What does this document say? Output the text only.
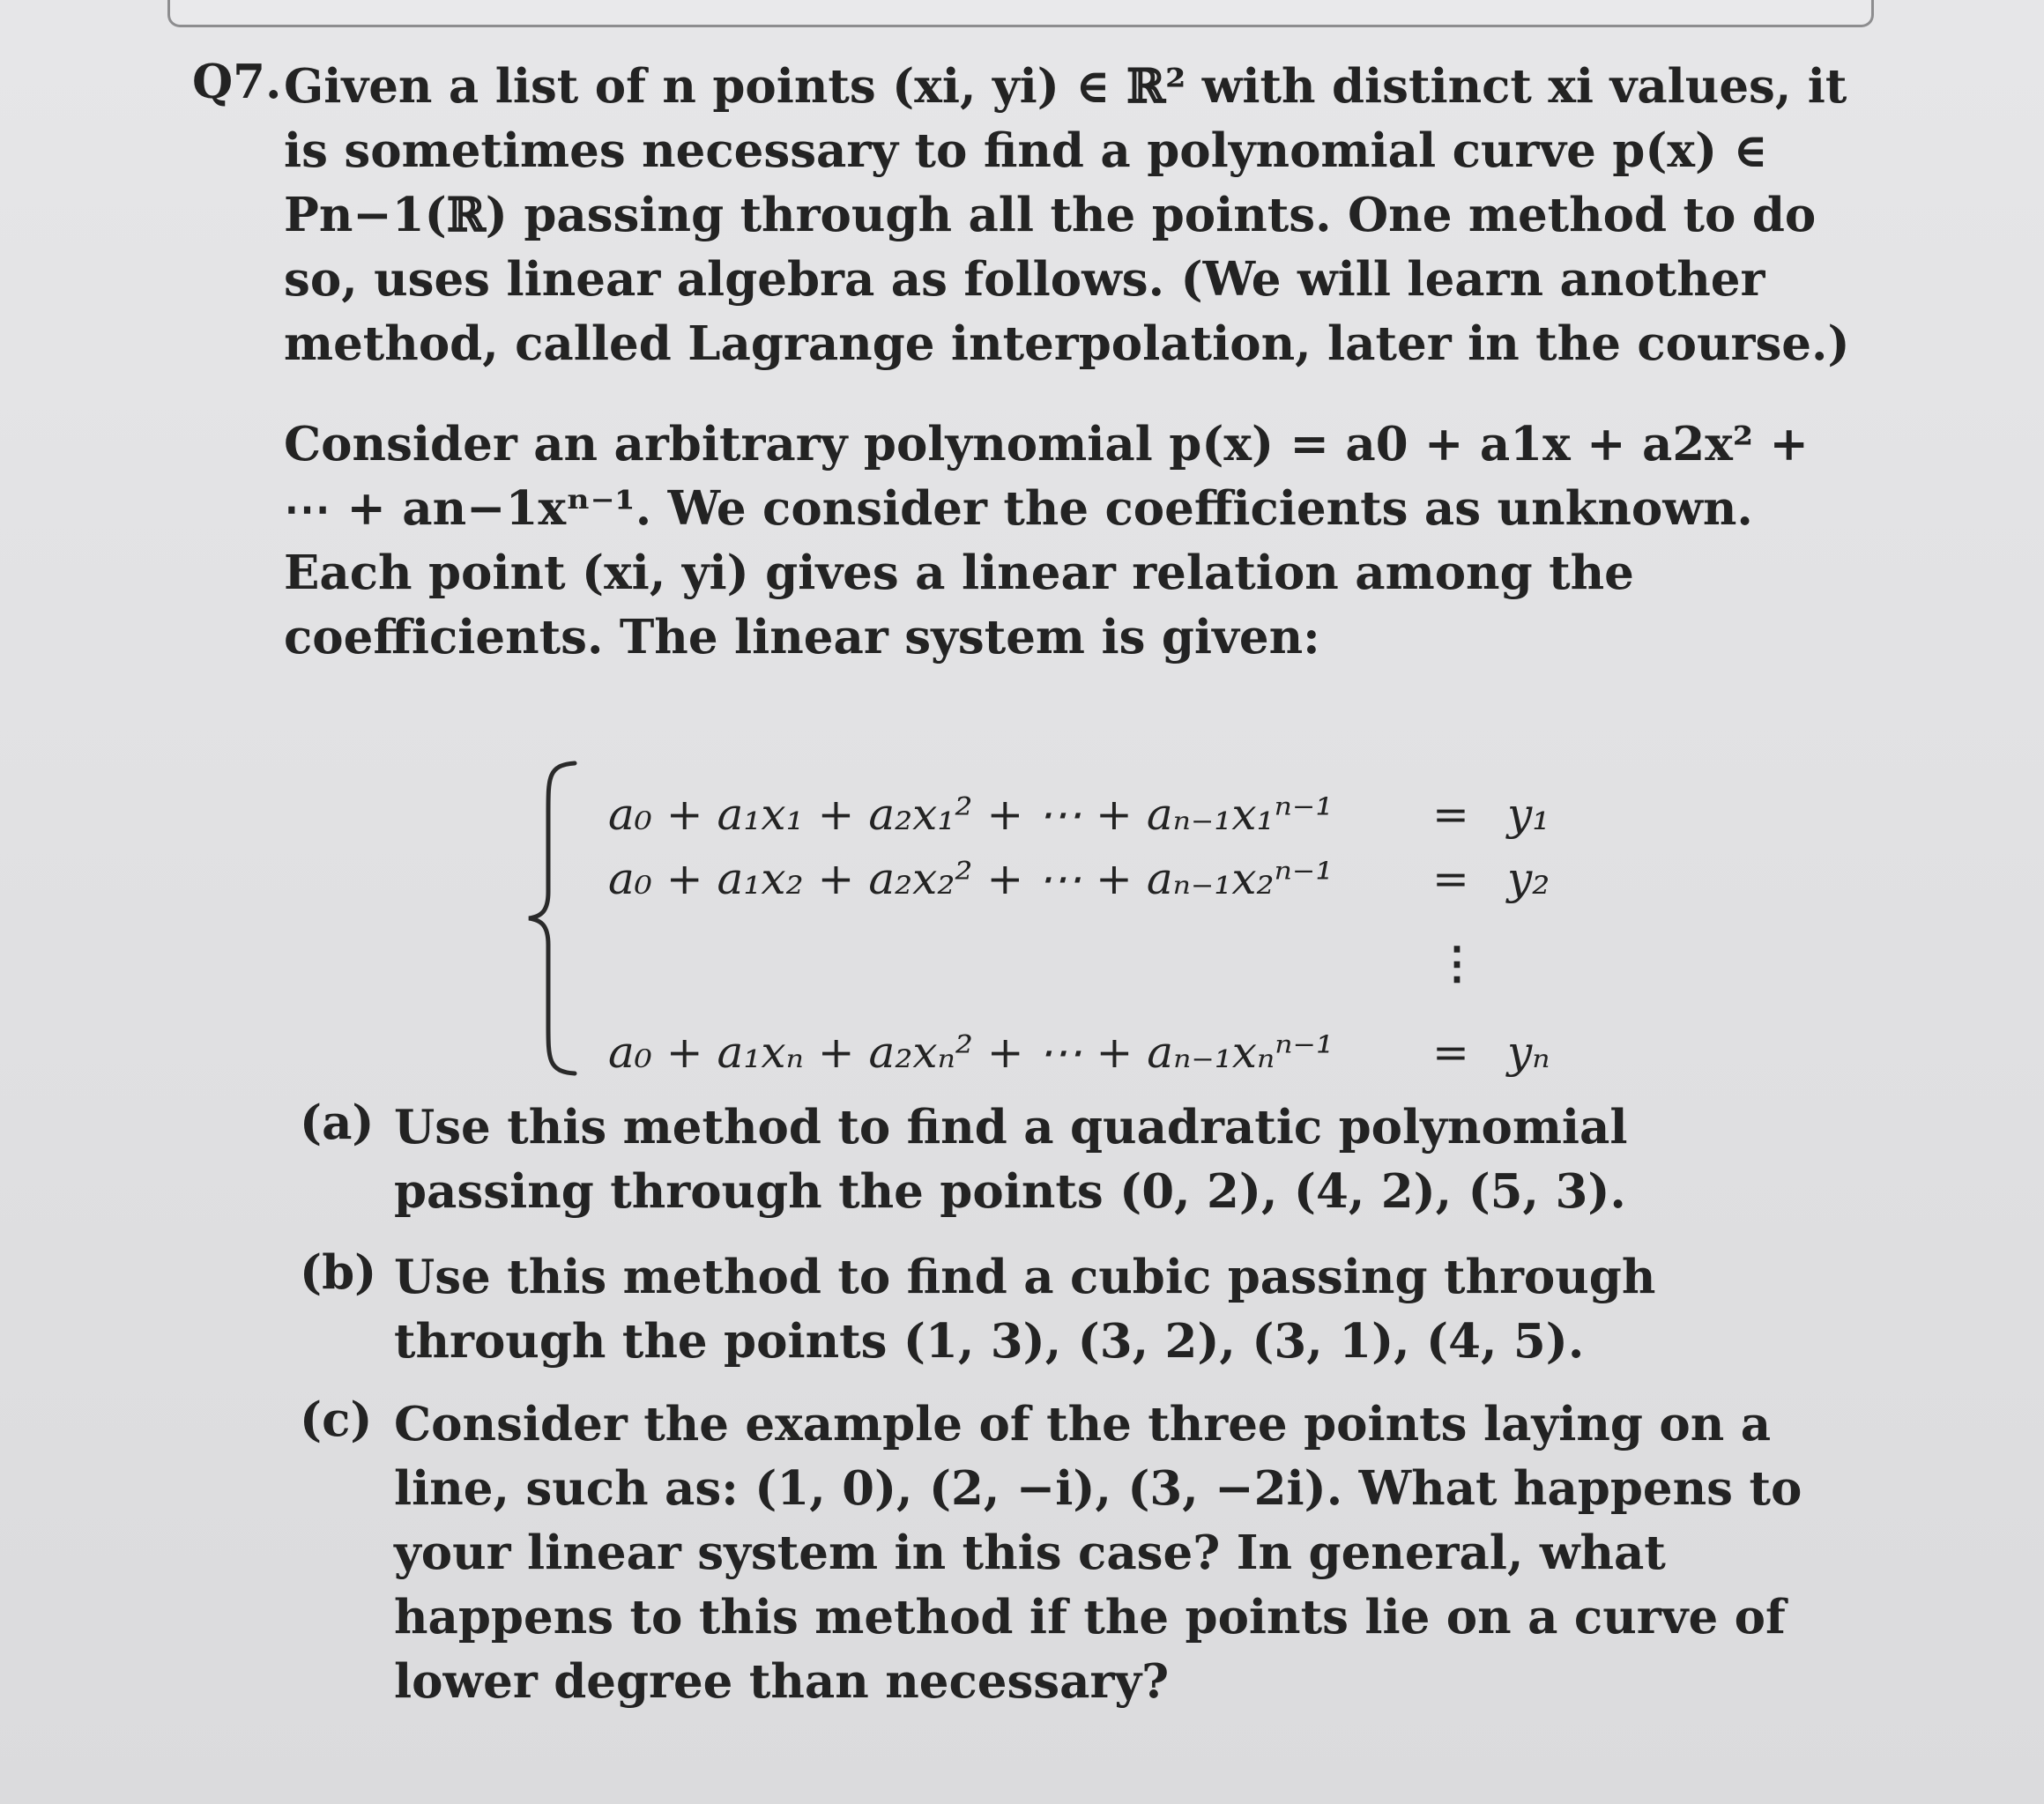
Q7. Given a list of n points (xi, yi) ∈ ℝ² with distinct xi values, it is sometimes necessary to find a polynomial curve p(x) ∈ Pn−1(ℝ) passing through all the points. One method to do so, uses linear algebra as follows. (We will learn another method, called Lagrange interpolation, later in the course.)
Consider an arbitrary polynomial p(x) = a0 + a1x + a2x² + ⋯ + an−1xⁿ⁻¹. We consider the coefficients as unknown. Each point (xi, yi) gives a linear relation among the coefficients. The linear system is given:
a₀ + a₁x₁ + a₂x₁² + ⋯ + aₙ₋₁x₁ⁿ⁻¹ = y₁
a₀ + a₁x₂ + a₂x₂² + ⋯ + aₙ₋₁x₂ⁿ⁻¹ = y₂
⋮
a₀ + a₁xₙ + a₂xₙ² + ⋯ + aₙ₋₁xₙⁿ⁻¹ = yₙ
(a) Use this method to find a quadratic polynomial passing through the points (0, 2), (4, 2), (5, 3).
(b) Use this method to find a cubic passing through through the points (1, 3), (3, 2), (3, 1), (4, 5).
(c) Consider the example of the three points laying on a line, such as: (1, 0), (2, −i), (3, −2i). What happens to your linear system in this case? In general, what happens to this method if the points lie on a curve of lower degree than necessary?
